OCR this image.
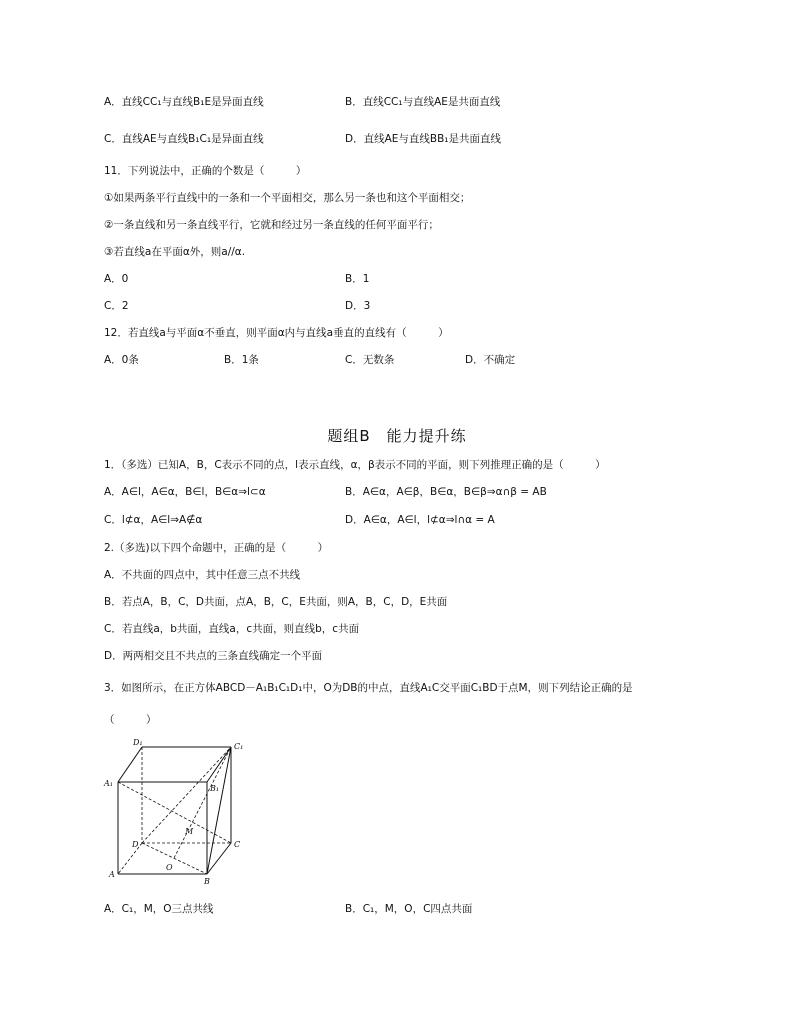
A．直线CC₁与直线B₁E是异面直线	B．直线CC₁与直线AE是共面直线
C．直线AE与直线B₁C₁是异面直线	D．直线AE与直线BB₁是共面直线
11．下列说法中，正确的个数是（　　　）
①如果两条平行直线中的一条和一个平面相交，那么另一条也和这个平面相交；
②一条直线和另一条直线平行，它就和经过另一条直线的任何平面平行；
③若直线a在平面α外，则a//α.
A．0	B．1
C．2	D．3
12．若直线a与平面α不垂直，则平面α内与直线a垂直的直线有（　　　）
A．0条	B．1条	C．无数条	D．不确定
题组B　能力提升练
1．（多选）已知A，B，C表示不同的点，l表示直线，α，β表示不同的平面，则下列推理正确的是（　　　）
A．A∈l，A∈α，B∈l，B∈α⇒l⊂α	B．A∈α，A∈β，B∈α，B∈β⇒α∩β = AB
C．l⊄α，A∈l⇒A∉α	D．A∈α，A∈l，l⊄α⇒l∩α = A
2.（多选)以下四个命题中，正确的是（　　　）
A．不共面的四点中，其中任意三点不共线
B．若点A，B，C，D共面，点A，B，C，E共面，则A，B，C，D，E共面
C．若直线a，b共面，直线a，c共面，则直线b，c共面
D．两两相交且不共点的三条直线确定一个平面
3．如图所示，在正方体ABCD－A₁B₁C₁D₁中，O为DB的中点，直线A₁C交平面C₁BD于点M，则下列结论正确的是
（　　　）
D₁	C₁
A₁
B₁
M
D	C
O
A
B
A．C₁，M，O三点共线	B．C₁，M，O，C四点共面
